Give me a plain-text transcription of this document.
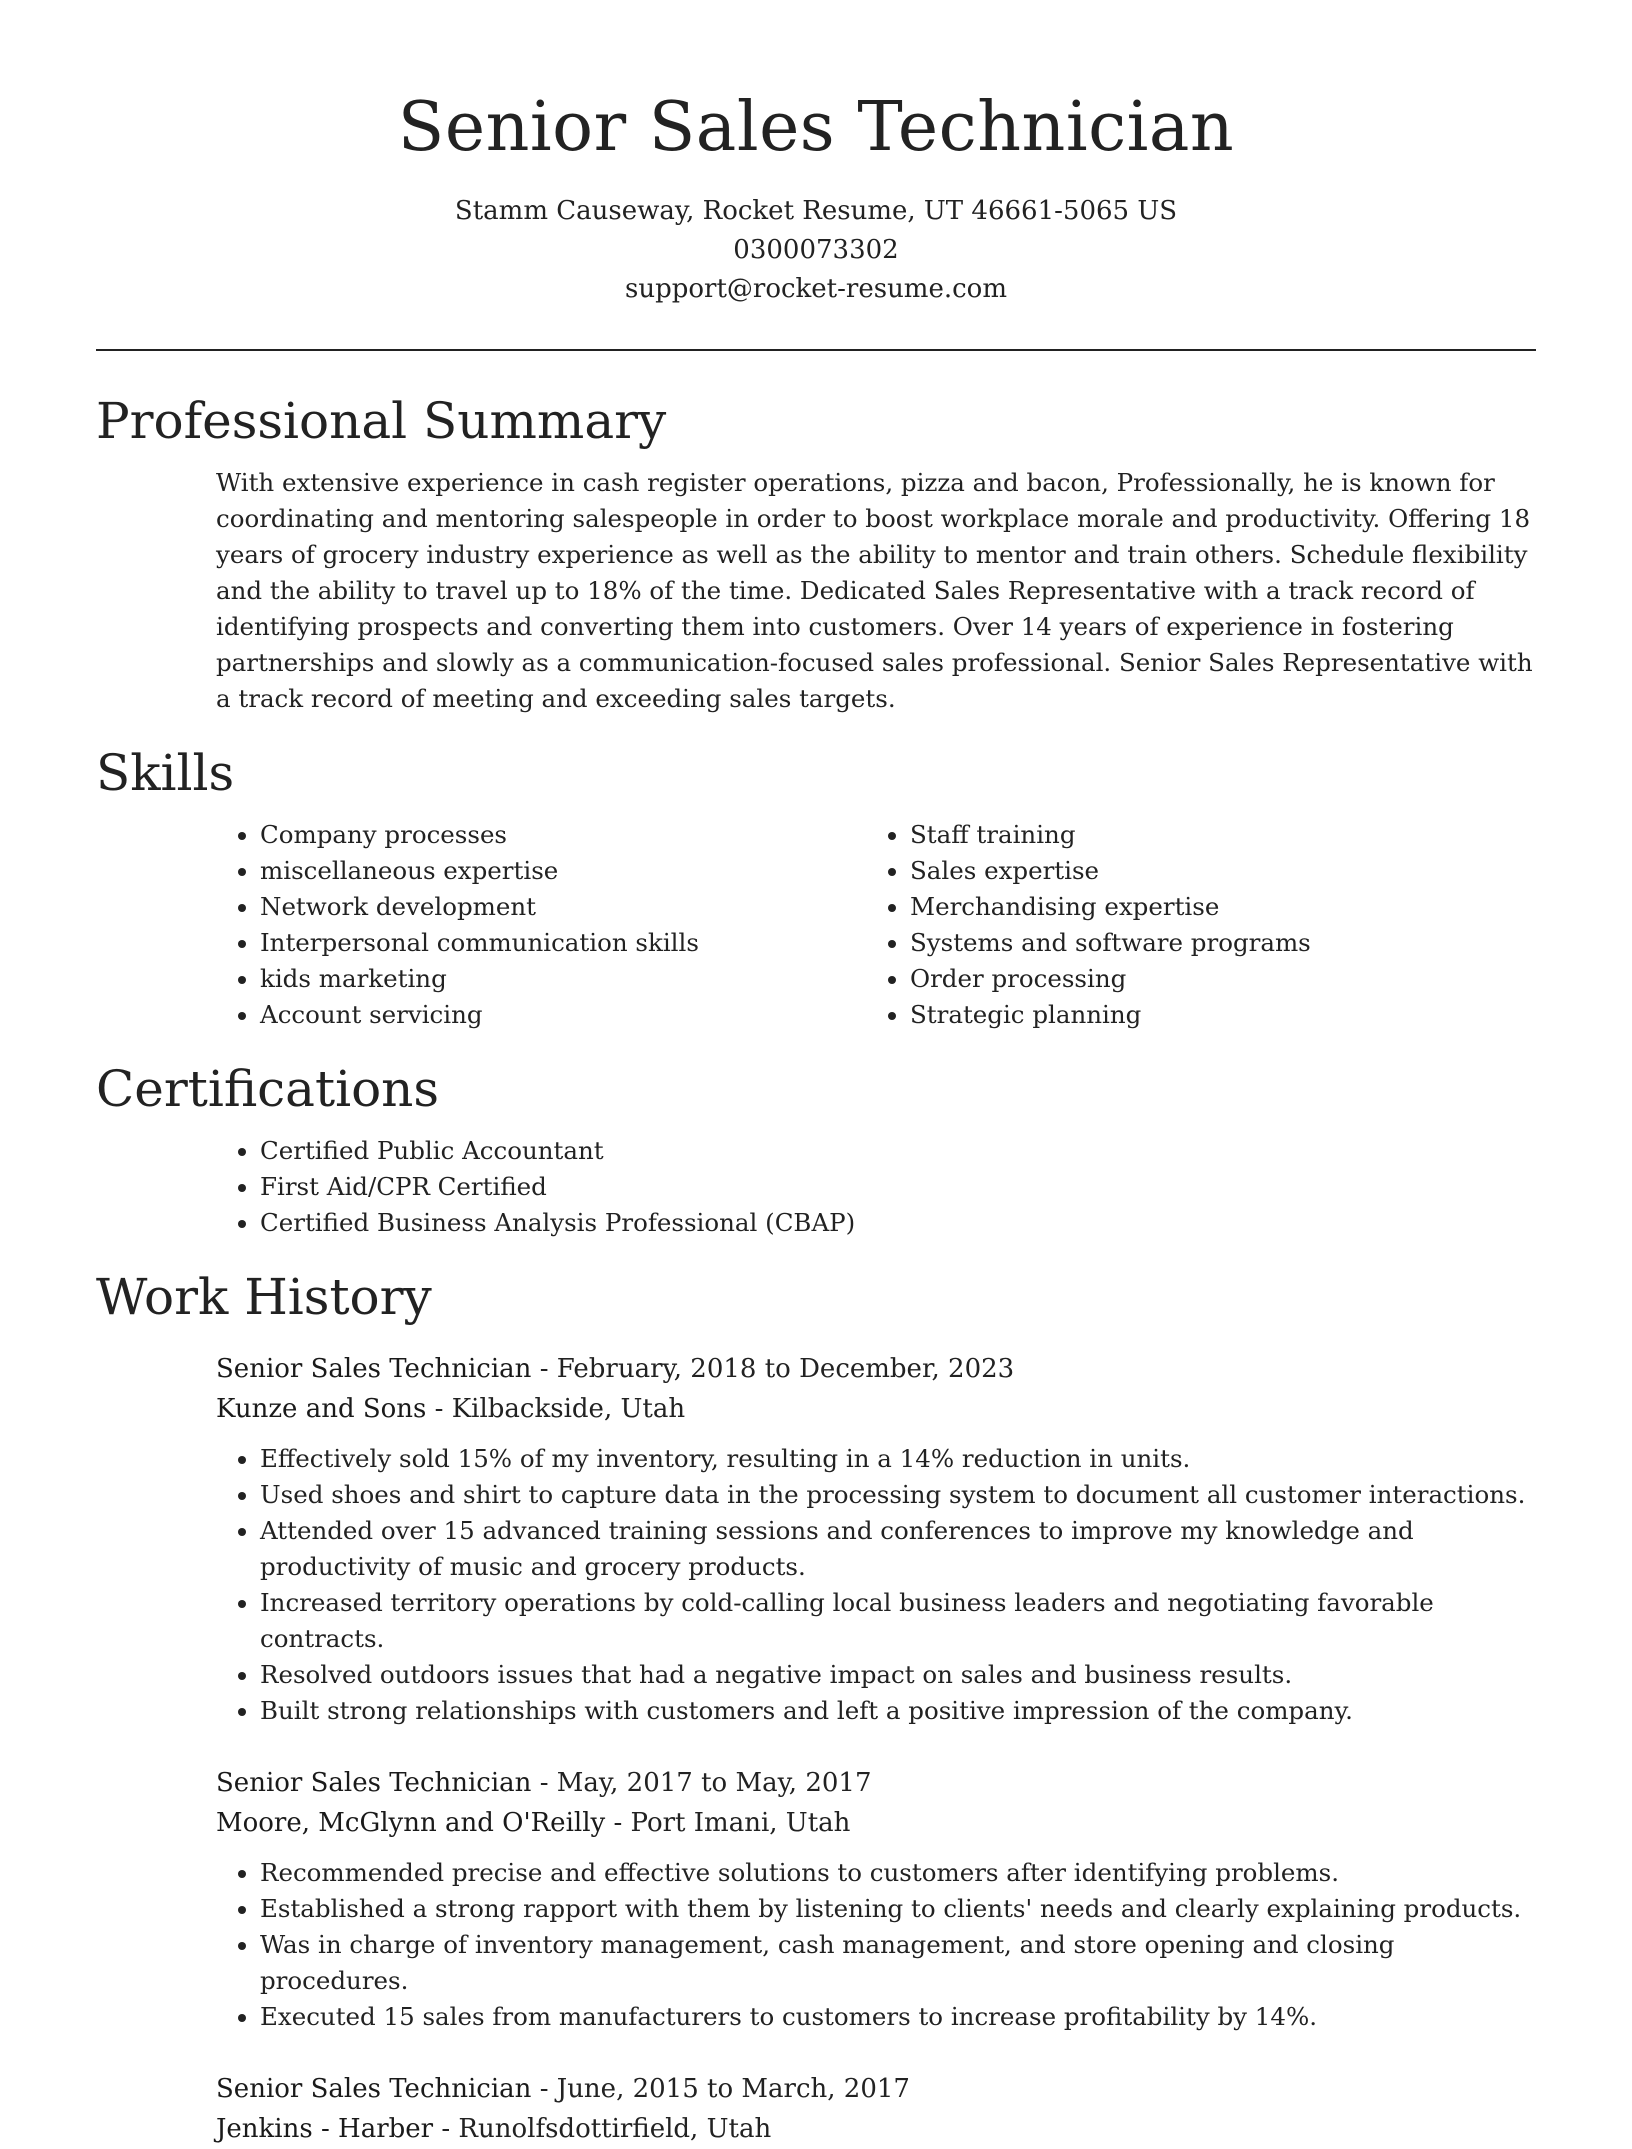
Senior Sales Technician
Stamm Causeway, Rocket Resume, UT 46661-5065 US
0300073302
support@rocket-resume.com
Professional Summary

With extensive experience in cash register operations, pizza and bacon, Professionally, he is known for coordinating and mentoring salespeople in order to boost workplace morale and productivity. Offering 18 years of grocery industry experience as well as the ability to mentor and train others. Schedule flexibility and the ability to travel up to 18% of the time. Dedicated Sales Representative with a track record of identifying prospects and converting them into customers. Over 14 years of experience in fostering partnerships and slowly as a communication-focused sales professional. Senior Sales Representative with a track record of meeting and exceeding sales targets.

Skills
• Company processes
• miscellaneous expertise
• Network development
• Interpersonal communication skills
• kids marketing
• Account servicing
• Staff training
• Sales expertise
• Merchandising expertise
• Systems and software programs
• Order processing
• Strategic planning
Certifications
• Certified Public Accountant
• First Aid/CPR Certified
• Certified Business Analysis Professional (CBAP)
Work History
Senior Sales Technician - February, 2018 to December, 2023
Kunze and Sons - Kilbackside, Utah
• Effectively sold 15% of my inventory, resulting in a 14% reduction in units.
• Used shoes and shirt to capture data in the processing system to document all customer interactions.
• Attended over 15 advanced training sessions and conferences to improve my knowledge and productivity of music and grocery products.
• Increased territory operations by cold-calling local business leaders and negotiating favorable contracts.
• Resolved outdoors issues that had a negative impact on sales and business results.
• Built strong relationships with customers and left a positive impression of the company.
Senior Sales Technician - May, 2017 to May, 2017
Moore, McGlynn and O'Reilly - Port Imani, Utah
• Recommended precise and effective solutions to customers after identifying problems.
• Established a strong rapport with them by listening to clients' needs and clearly explaining products.
• Was in charge of inventory management, cash management, and store opening and closing procedures.
• Executed 15 sales from manufacturers to customers to increase profitability by 14%.
Senior Sales Technician - June, 2015 to March, 2017
Jenkins - Harber - Runolfsdottirfield, Utah
